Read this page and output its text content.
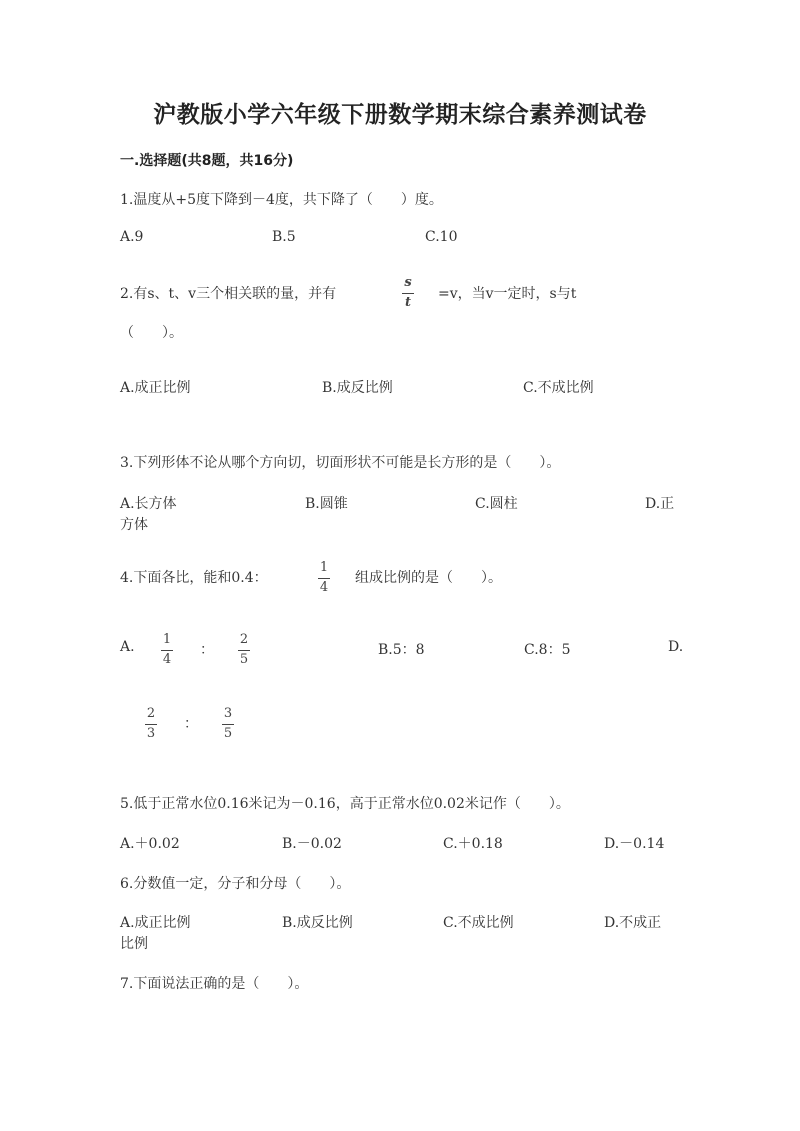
沪教版小学六年级下册数学期末综合素养测试卷
一.选择题(共8题，共16分)
1.温度从+5度下降到－4度，共下降了（　　）度。
A.9	B.5	C.10
2.有s、t、v三个相关联的量，并有
s
t
=v，当v一定时，s与t
（　　）。
A.成正比例	B.成反比例	C.不成比例
3.下列形体不论从哪个方向切，切面形状不可能是长方形的是（　　）。
A.长方体	B.圆锥	C.圆柱	D.正
方体
4.下面各比，能和0.4：
1
4
组成比例的是（　　）。
A. 1
4
：
2
5
B.5：8	C.8：5	D.
2
3
：
3
5
5.低于正常水位0.16米记为－0.16，高于正常水位0.02米记作（　　）。
A.＋0.02	B.－0.02	C.＋0.18	D.－0.14
6.分数值一定，分子和分母（　　）。
A.成正比例	B.成反比例	C.不成比例	D.不成正
比例
7.下面说法正确的是（　　）。
